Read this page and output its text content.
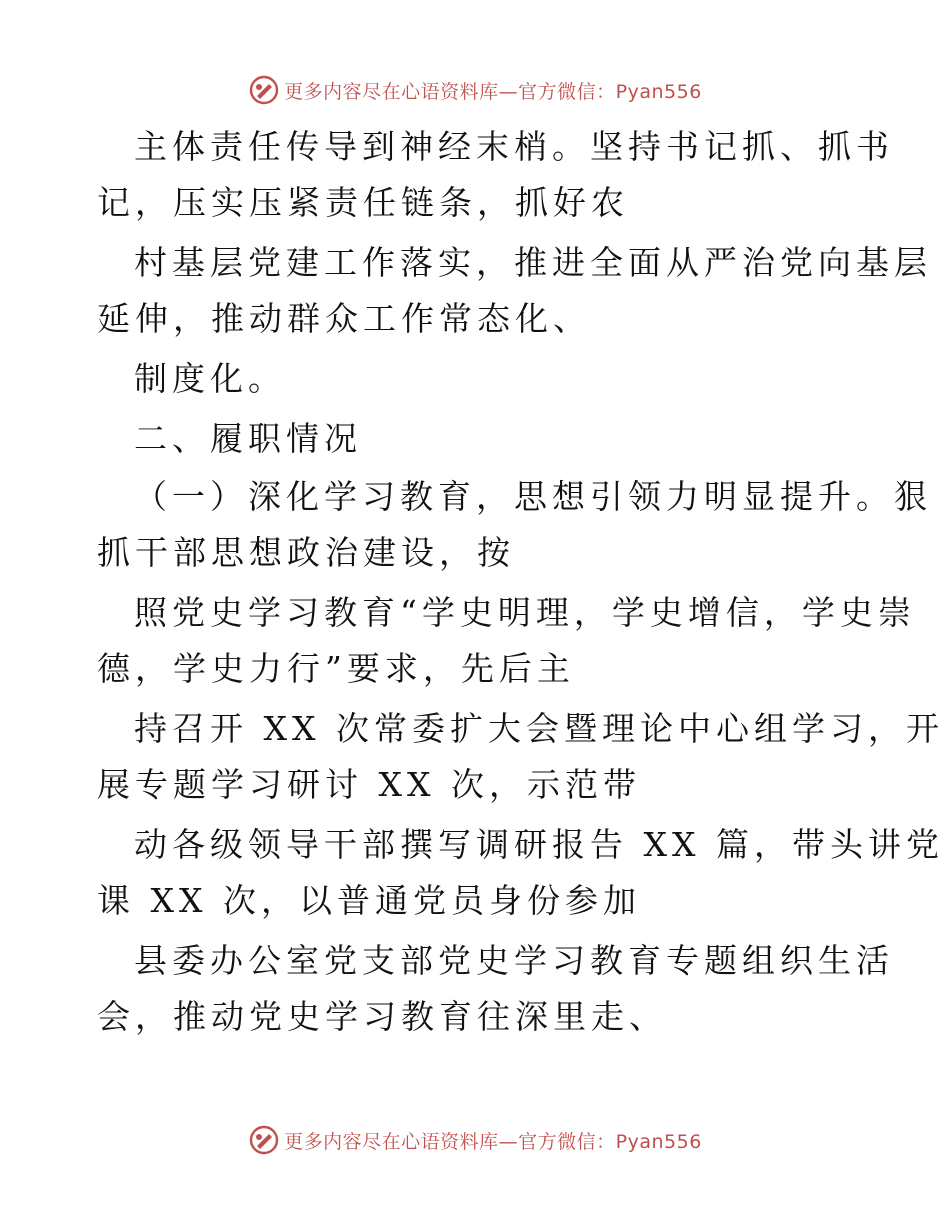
更多内容尽在心语资料库—官方微信：Pyan556
主体责任传导到神经末梢。坚持书记抓、抓书
记，压实压紧责任链条，抓好农
村基层党建工作落实，推进全面从严治党向基层
延伸，推动群众工作常态化、
制度化。
二、履职情况
（一）深化学习教育，思想引领力明显提升。狠
抓干部思想政治建设，按
照党史学习教育“学史明理，学史增信，学史崇
德，学史力行”要求，先后主
持召开 XX 次常委扩大会暨理论中心组学习，开
展专题学习研讨 XX 次，示范带
动各级领导干部撰写调研报告 XX 篇，带头讲党
课 XX 次，以普通党员身份参加
县委办公室党支部党史学习教育专题组织生活
会，推动党史学习教育往深里走、
更多内容尽在心语资料库—官方微信：Pyan556
